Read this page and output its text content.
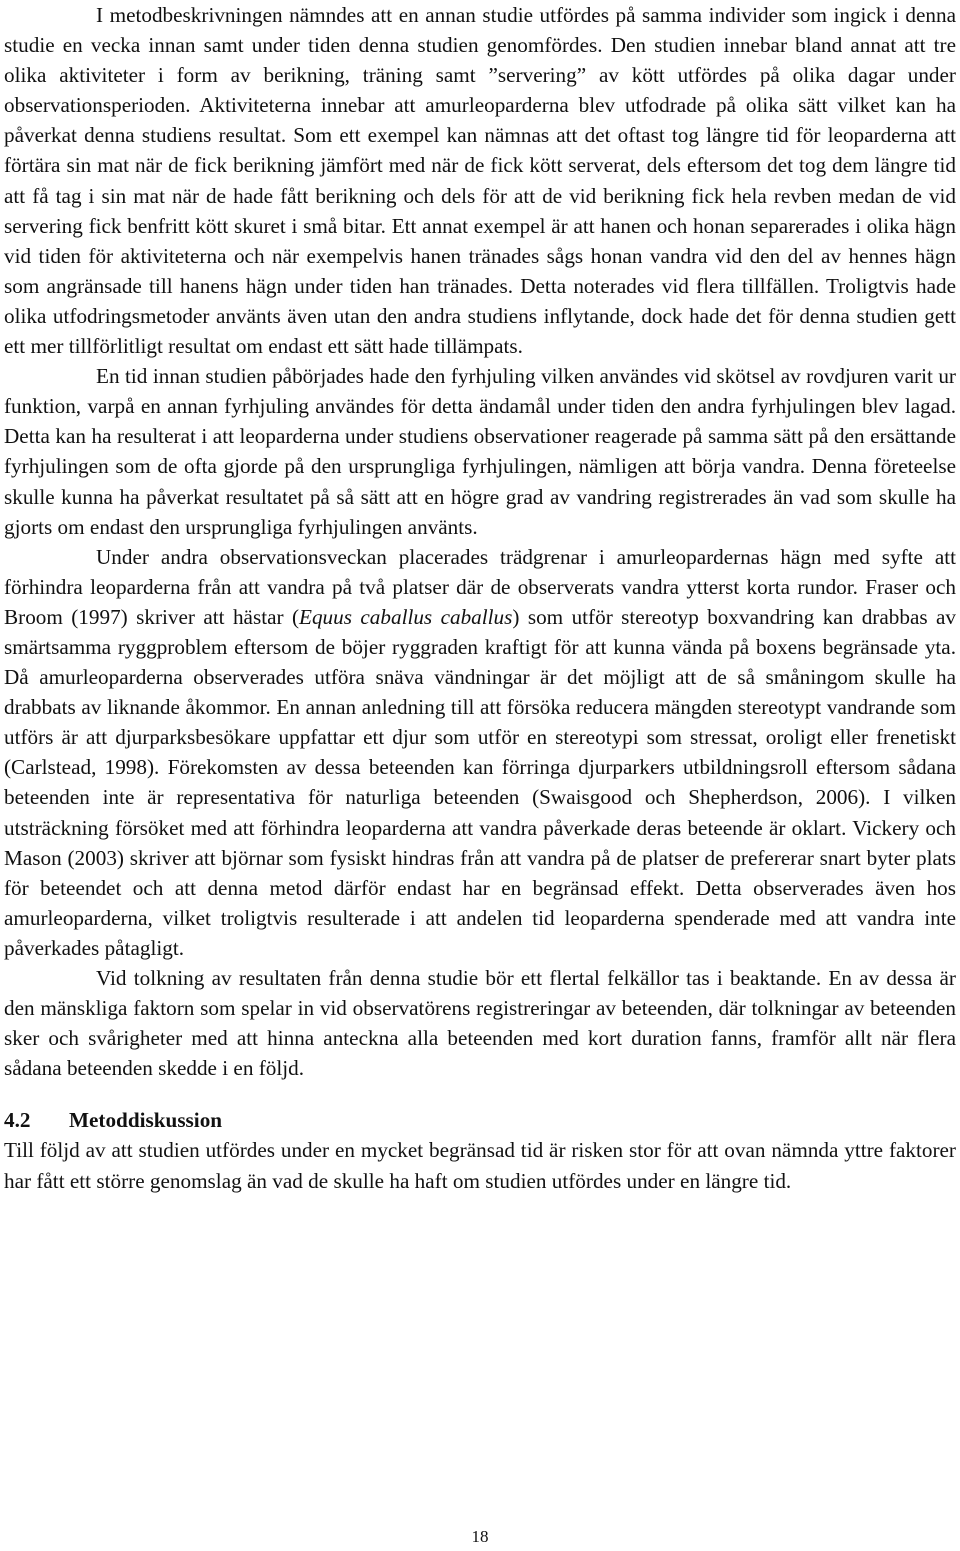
I metodbeskrivningen nämndes att en annan studie utfördes på samma individer som ingick i denna studie en vecka innan samt under tiden denna studien genomfördes. Den studien innebar bland annat att tre olika aktiviteter i form av berikning, träning samt ”servering” av kött utfördes på olika dagar under observationsperioden. Aktiviteterna innebar att amurleoparderna blev utfodrade på olika sätt vilket kan ha påverkat denna studiens resultat. Som ett exempel kan nämnas att det oftast tog längre tid för leoparderna att förtära sin mat när de fick berikning jämfört med när de fick kött serverat, dels eftersom det tog dem längre tid att få tag i sin mat när de hade fått berikning och dels för att de vid berikning fick hela revben medan de vid servering fick benfritt kött skuret i små bitar. Ett annat exempel är att hanen och honan separerades i olika hägn vid tiden för aktiviteterna och när exempelvis hanen tränades sågs honan vandra vid den del av hennes hägn som angränsade till hanens hägn under tiden han tränades. Detta noterades vid flera tillfällen. Troligtvis hade olika utfodringsmetoder använts även utan den andra studiens inflytande, dock hade det för denna studien gett ett mer tillförlitligt resultat om endast ett sätt hade tillämpats.

En tid innan studien påbörjades hade den fyrhjuling vilken användes vid skötsel av rovdjuren varit ur funktion, varpå en annan fyrhjuling användes för detta ändamål under tiden den andra fyrhjulingen blev lagad. Detta kan ha resulterat i att leoparderna under studiens observationer reagerade på samma sätt på den ersättande fyrhjulingen som de ofta gjorde på den ursprungliga fyrhjulingen, nämligen att börja vandra. Denna företeelse skulle kunna ha påverkat resultatet på så sätt att en högre grad av vandring registrerades än vad som skulle ha gjorts om endast den ursprungliga fyrhjulingen använts.

Under andra observationsveckan placerades trädgrenar i amurleopardernas hägn med syfte att förhindra leoparderna från att vandra på två platser där de observerats vandra ytterst korta rundor. Fraser och Broom (1997) skriver att hästar (Equus caballus caballus) som utför stereotyp boxvandring kan drabbas av smärtsamma ryggproblem eftersom de böjer ryggraden kraftigt för att kunna vända på boxens begränsade yta. Då amurleoparderna observerades utföra snäva vändningar är det möjligt att de så småningom skulle ha drabbats av liknande åkommor. En annan anledning till att försöka reducera mängden stereotypt vandrande som utförs är att djurparksbesökare uppfattar ett djur som utför en stereotypi som stressat, oroligt eller frenetiskt (Carlstead, 1998). Förekomsten av dessa beteenden kan förringa djurparkers utbildningsroll eftersom sådana beteenden inte är representativa för naturliga beteenden (Swaisgood och Shepherdson, 2006). I vilken utsträckning försöket med att förhindra leoparderna att vandra påverkade deras beteende är oklart. Vickery och Mason (2003) skriver att björnar som fysiskt hindras från att vandra på de platser de prefererar snart byter plats för beteendet och att denna metod därför endast har en begränsad effekt. Detta observerades även hos amurleoparderna, vilket troligtvis resulterade i att andelen tid leoparderna spenderade med att vandra inte påverkades påtagligt.

Vid tolkning av resultaten från denna studie bör ett flertal felkällor tas i beaktande. En av dessa är den mänskliga faktorn som spelar in vid observatörens registreringar av beteenden, där tolkningar av beteenden sker och svårigheter med att hinna anteckna alla beteenden med kort duration fanns, framför allt när flera sådana beteenden skedde i en följd.

4.2 Metoddiskussion

Till följd av att studien utfördes under en mycket begränsad tid är risken stor för att ovan nämnda yttre faktorer har fått ett större genomslag än vad de skulle ha haft om studien utfördes under en längre tid.

18
